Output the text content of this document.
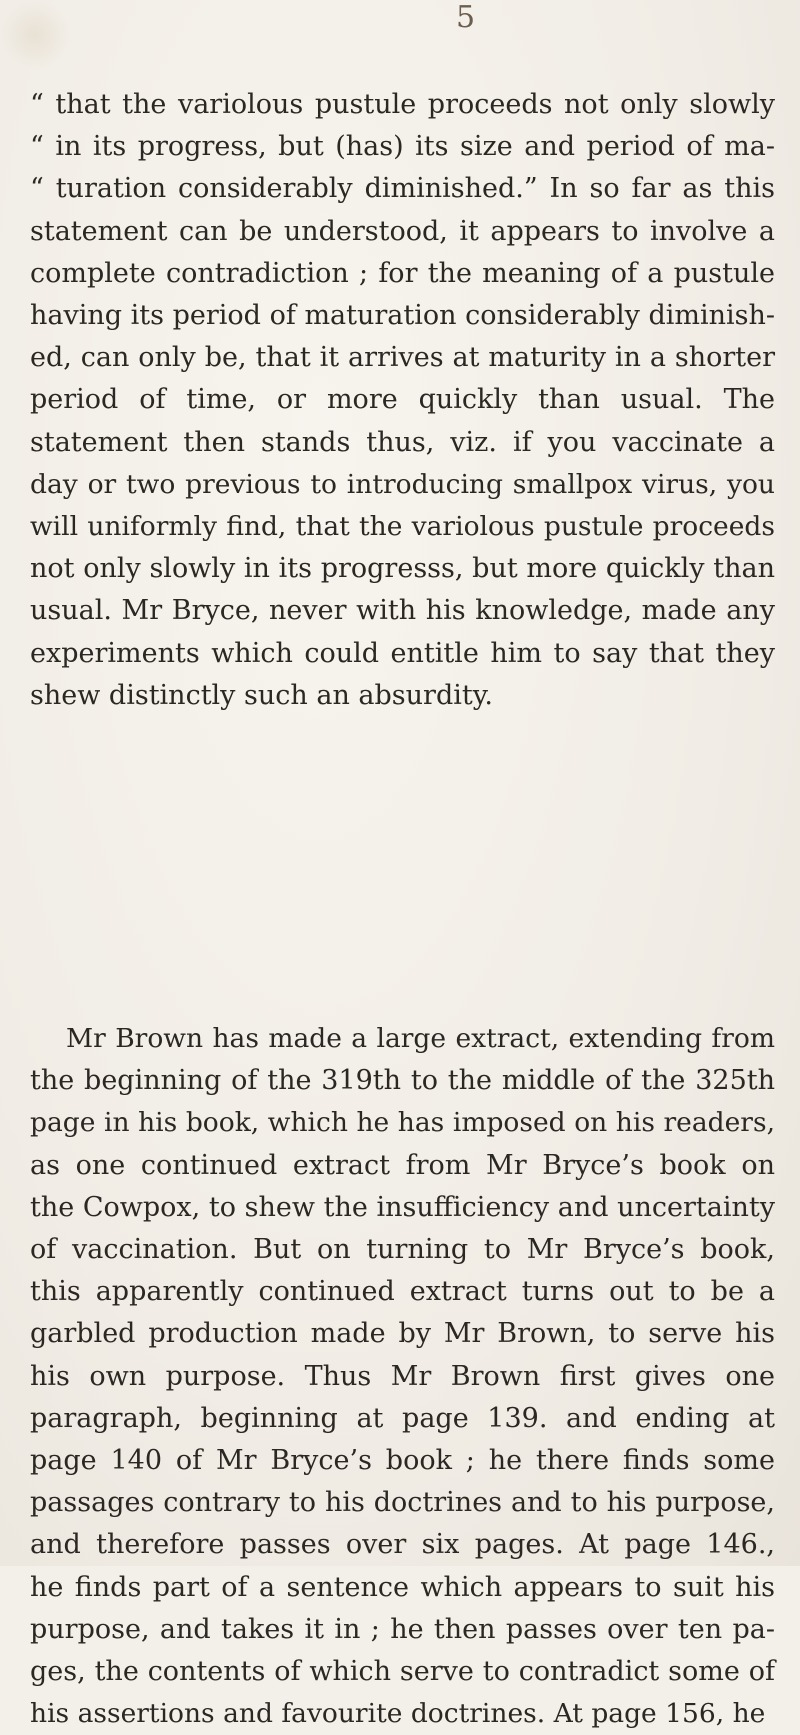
5
“ that the variolous pustule proceeds not only slowly
“ in its progress, but (has) its size and period of ma-
“ turation considerably diminished.” In so far as this
statement can be understood, it appears to involve a
complete contradiction ; for the meaning of a pustule
having its period of maturation considerably diminish-
ed, can only be, that it arrives at maturity in a shorter
period of time, or more quickly than usual. The
statement then stands thus, viz. if you vaccinate a
day or two previous to introducing smallpox virus, you
will uniformly find, that the variolous pustule proceeds
not only slowly in its progresss, but more quickly than
usual. Mr Bryce, never with his knowledge, made any
experiments which could entitle him to say that they
shew distinctly such an absurdity.
Mr Brown has made a large extract, extending from
the beginning of the 319th to the middle of the 325th
page in his book, which he has imposed on his readers,
as one continued extract from Mr Bryce’s book on
the Cowpox, to shew the insufficiency and uncertainty
of vaccination. But on turning to Mr Bryce’s book,
this apparently continued extract turns out to be a
garbled production made by Mr Brown, to serve his
his own purpose. Thus Mr Brown first gives one
paragraph, beginning at page 139. and ending at
page 140 of Mr Bryce’s book ; he there finds some
passages contrary to his doctrines and to his purpose,
and therefore passes over six pages. At page 146.,
he finds part of a sentence which appears to suit his
purpose, and takes it in ; he then passes over ten pa-
ges, the contents of which serve to contradict some of
his assertions and favourite doctrines. At page 156, he
